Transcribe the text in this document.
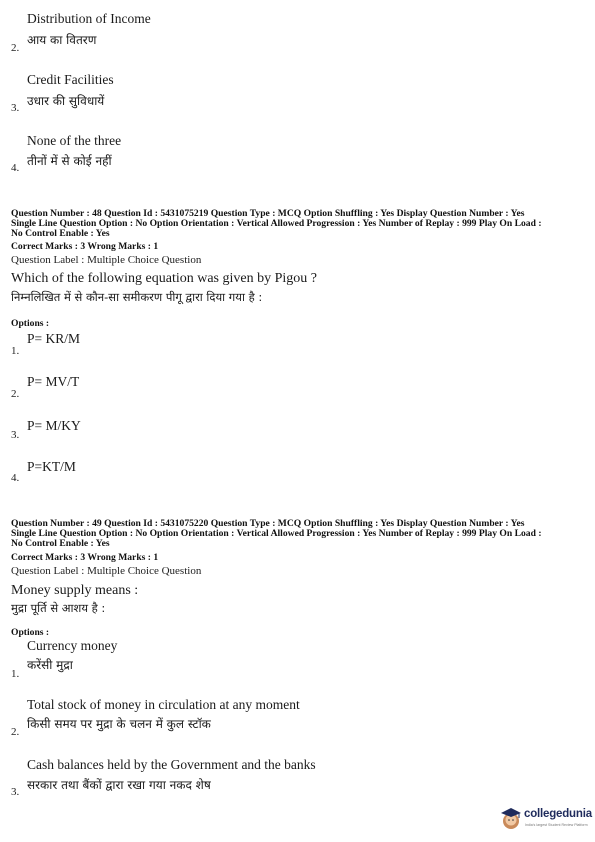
Distribution of Income
आय का वितरण
2.
Credit Facilities
उधार की सुविधायें
3.
None of the three
तीनों में से कोई नहीं
4.
Question Number : 48 Question Id : 5431075219 Question Type : MCQ Option Shuffling : Yes Display Question Number : Yes
Single Line Question Option : No Option Orientation : Vertical Allowed Progression : Yes Number of Replay : 999 Play On Load :
No Control Enable : Yes
Correct Marks : 3 Wrong Marks : 1
Question Label : Multiple Choice Question
Which of the following equation was given by Pigou ?
निम्नलिखित में से कौन-सा समीकरण पीगू द्वारा दिया गया है :
Options :
P= KR/M
1.
P= MV/T
2.
P= M/KY
3.
P=KT/M
4.
Question Number : 49 Question Id : 5431075220 Question Type : MCQ Option Shuffling : Yes Display Question Number : Yes
Single Line Question Option : No Option Orientation : Vertical Allowed Progression : Yes Number of Replay : 999 Play On Load :
No Control Enable : Yes
Correct Marks : 3 Wrong Marks : 1
Question Label : Multiple Choice Question
Money supply means :
मुद्रा पूर्ति से आशय है :
Options :
Currency money
करेंसी मुद्रा
1.
Total stock of money in circulation at any moment
किसी समय पर मुद्रा के चलन में कुल स्टॉक
2.
Cash balances held by the Government and the banks
सरकार तथा बैंकों द्वारा रखा गया नकद शेष
3.
collegedunia
India's largest Student Review Platform
